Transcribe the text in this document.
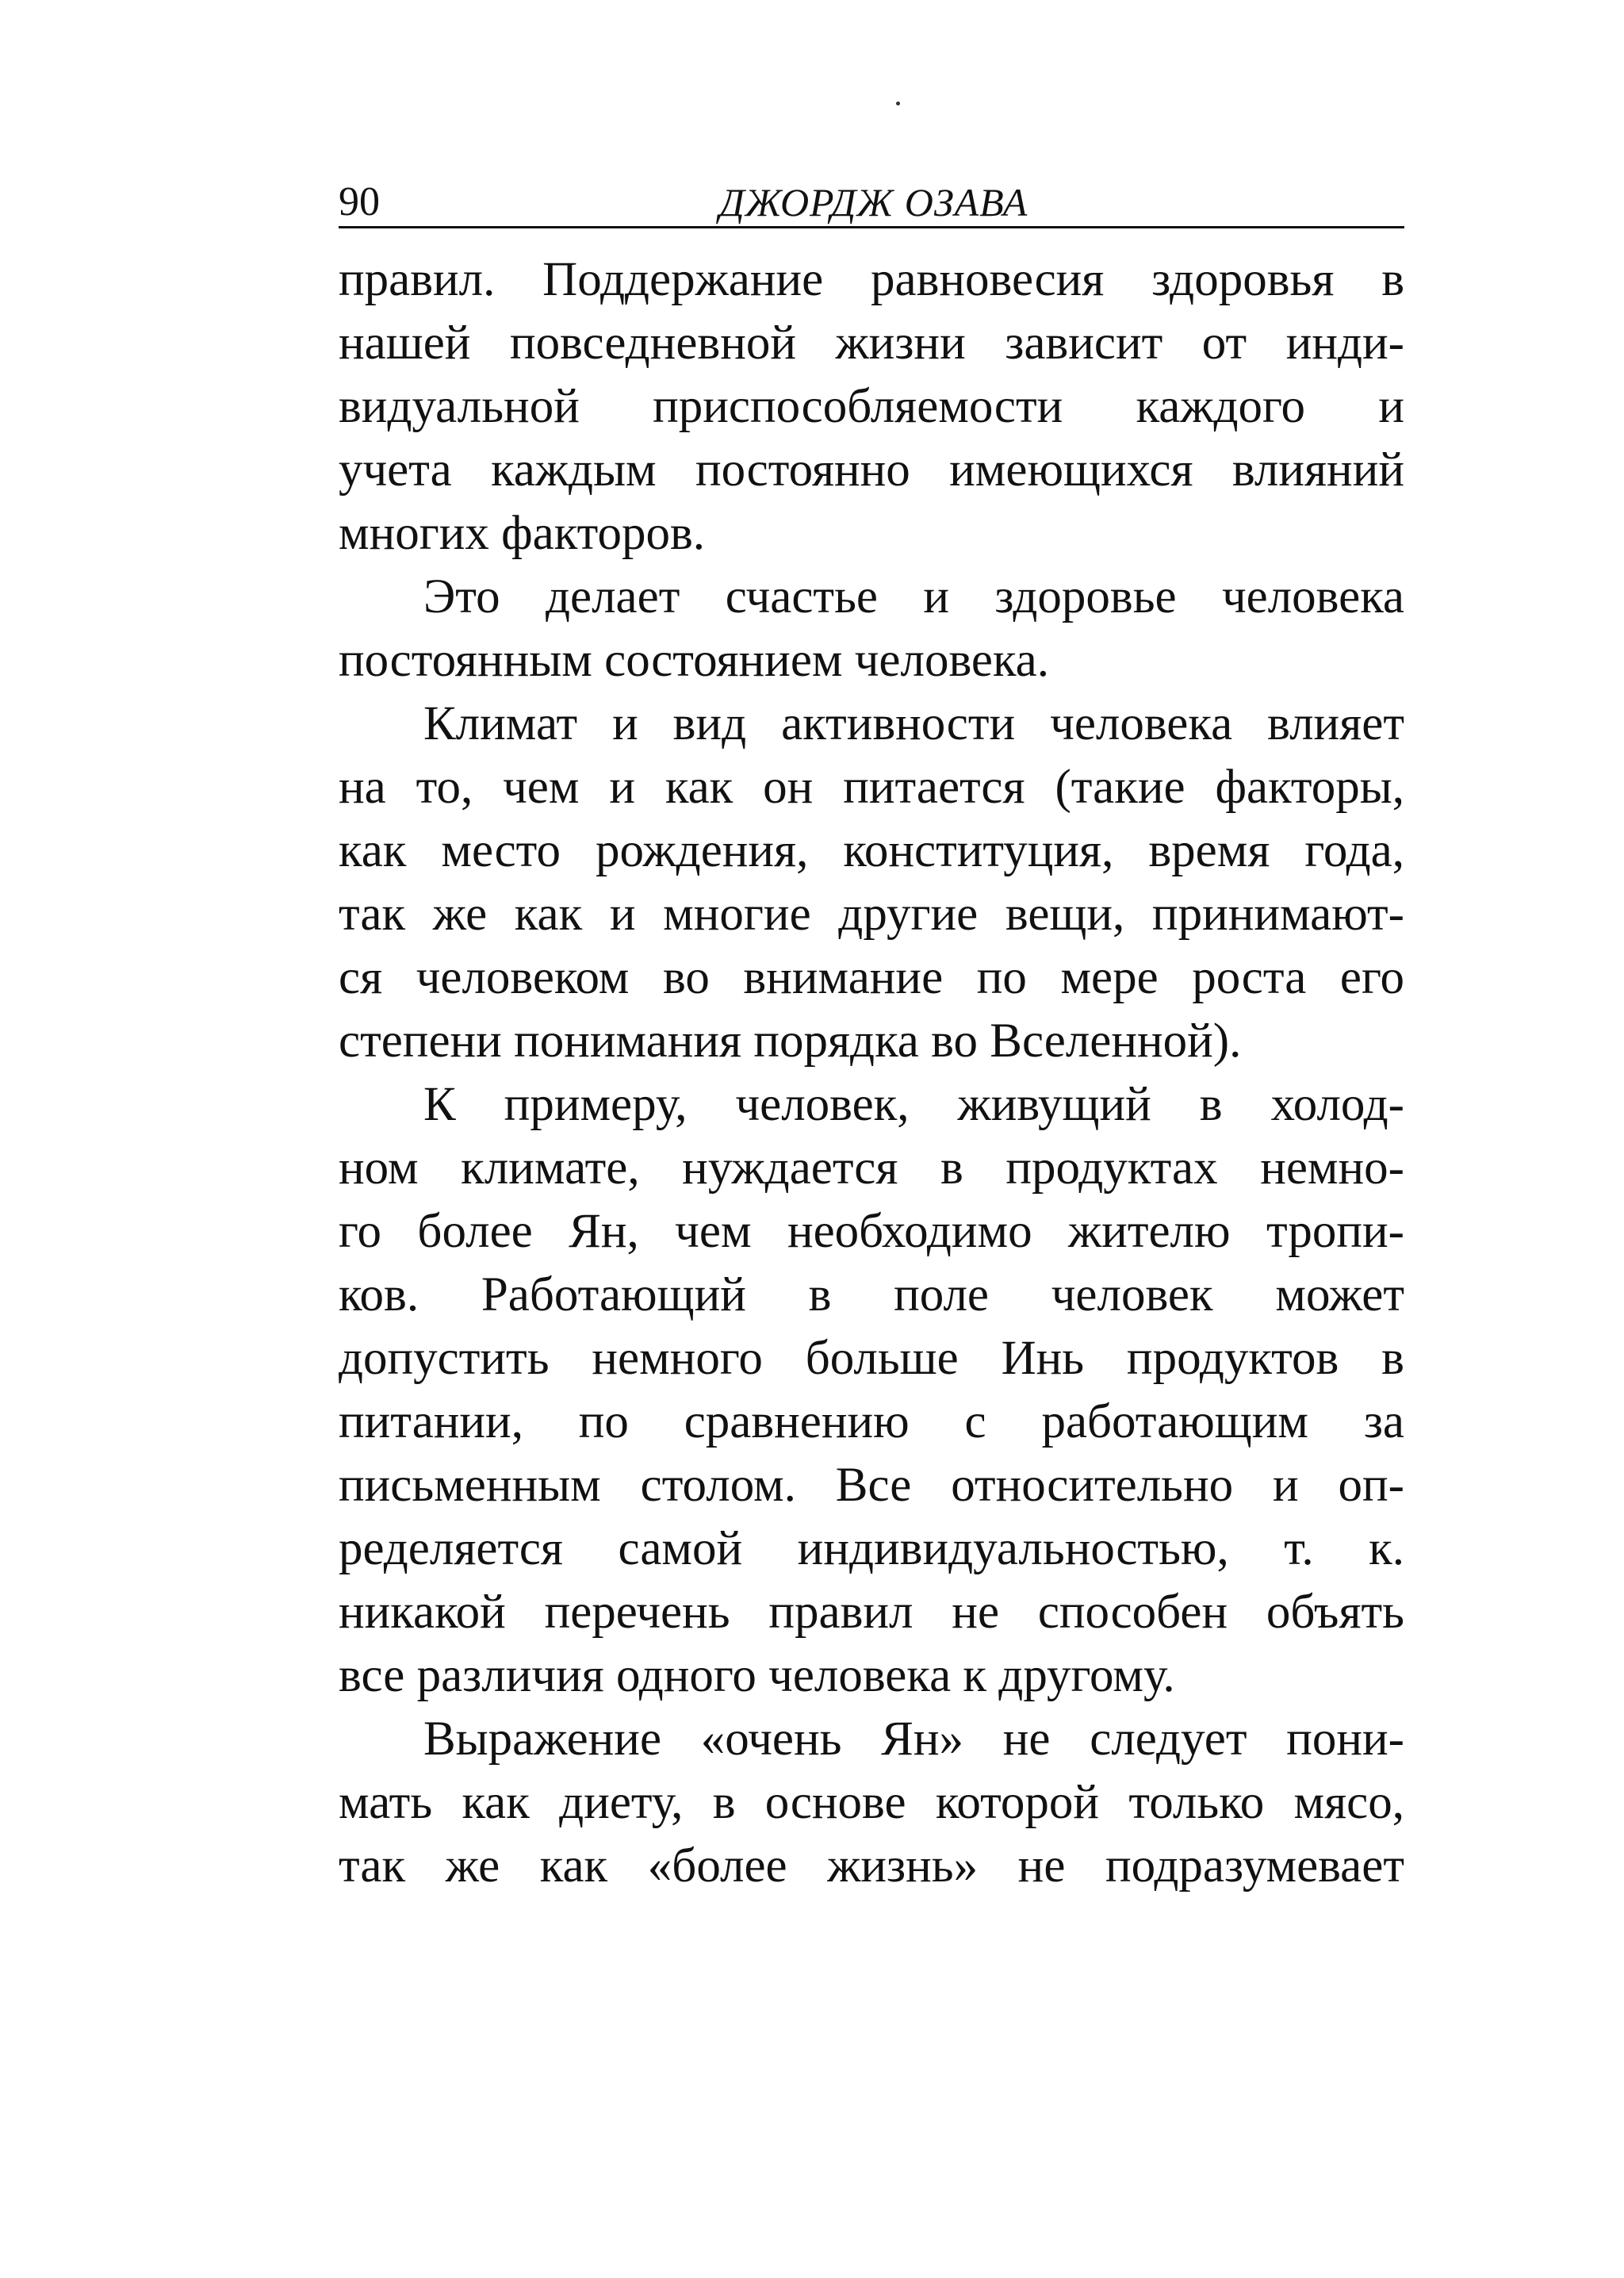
90	ДЖОРДЖ ОЗАВА
правил. Поддержание равновесия здоровья в
нашей повседневной жизни зависит от инди-
видуальной приспособляемости каждого и
учета каждым постоянно имеющихся влияний
многих факторов.
Это делает счастье и здоровье человека
постоянным состоянием человека.
Климат и вид активности человека влияет
на то, чем и как он питается (такие факторы,
как место рождения, конституция, время года,
так же как и многие другие вещи, принимают-
ся человеком во внимание по мере роста его
степени понимания порядка во Вселенной).
К примеру, человек, живущий в холод-
ном климате, нуждается в продуктах немно-
го более Ян, чем необходимо жителю тропи-
ков. Работающий в поле человек может
допустить немного больше Инь продуктов в
питании, по сравнению с работающим за
письменным столом. Все относительно и оп-
ределяется самой индивидуальностью, т. к.
никакой перечень правил не способен объять
все различия одного человека к другому.
Выражение «очень Ян» не следует пони-
мать как диету, в основе которой только мясо,
так же как «более жизнь» не подразумевает
